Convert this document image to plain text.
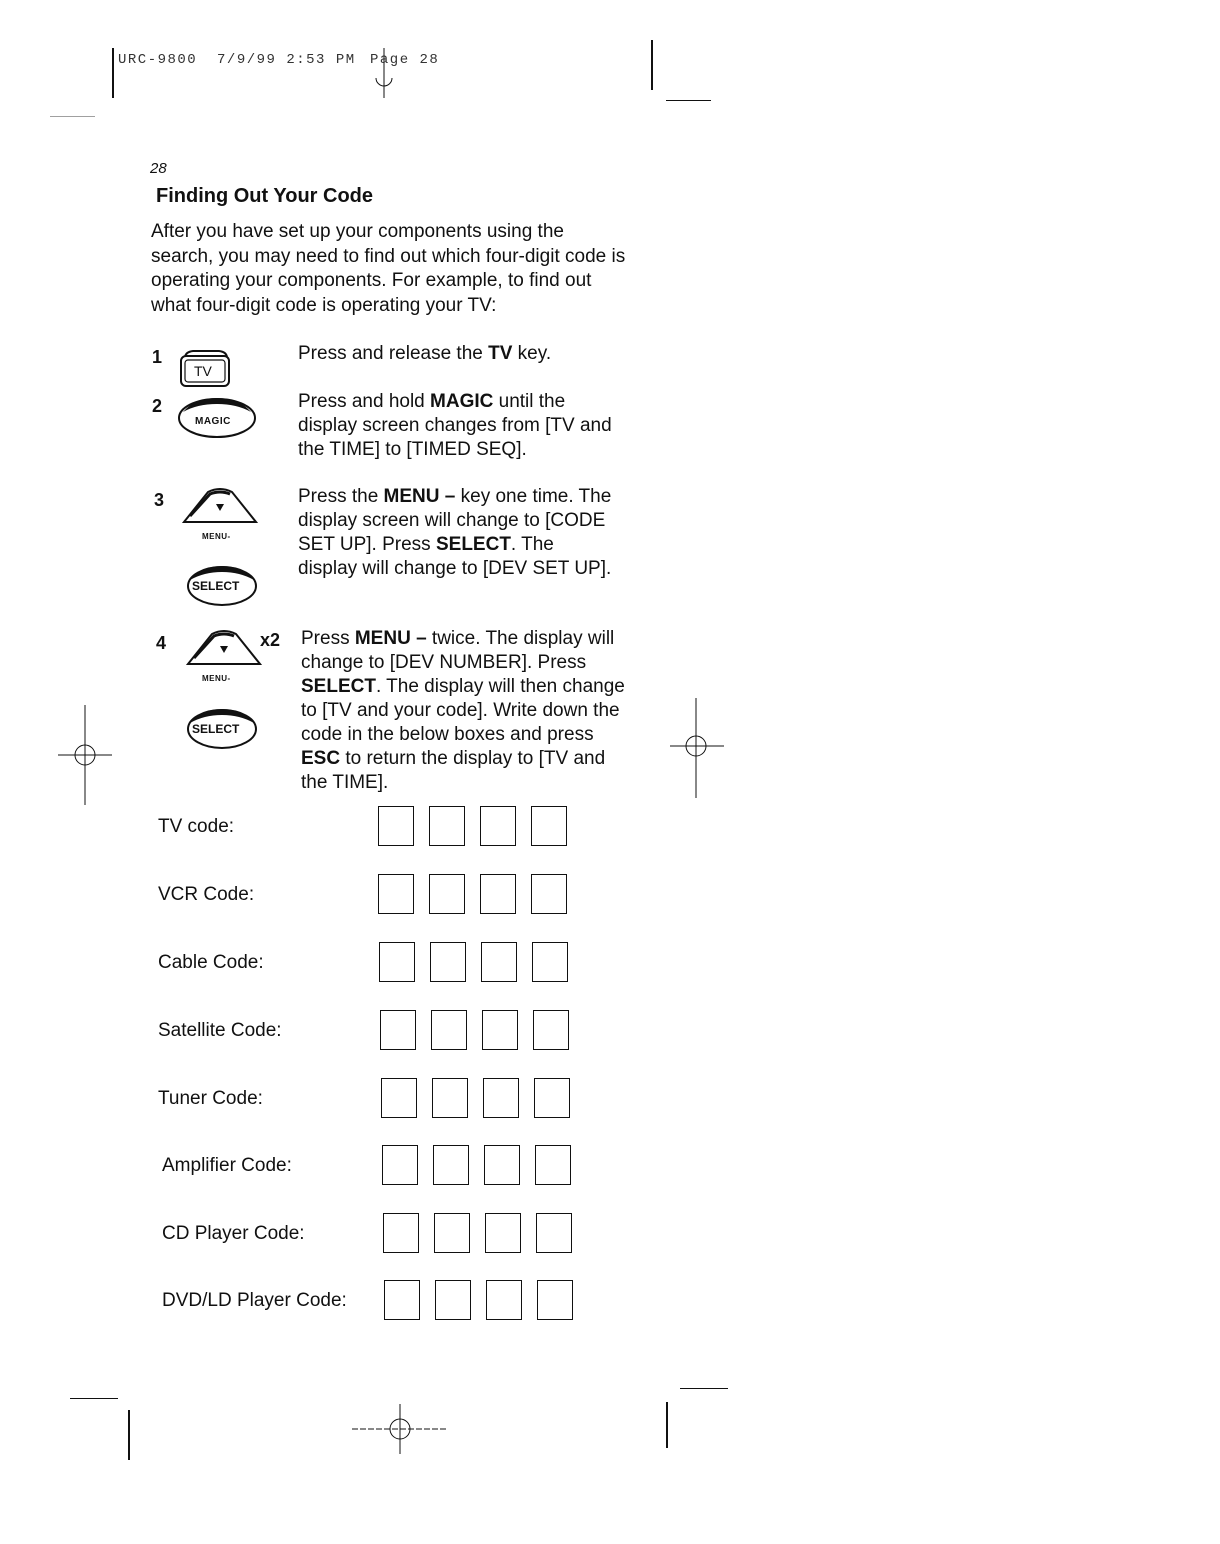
URC-9800  7/9/99 2:53 PM Page 28
28
Finding Out Your Code

After you have set up your components using the search, you may need to find out which four-digit code is operating your components. For example, to find out what four-digit code is operating your TV:

1
TV

Press and release the TV key.

2
MAGIC

Press and hold MAGIC until the display screen changes from [TV and the TIME] to [TIMED SEQ].

3
MENU-
SELECT

Press the MENU – key one time. The display screen will change to [CODE SET UP]. Press SELECT. The display will change to [DEV SET UP].

4
MENU-
x2
SELECT

Press MENU – twice. The display will change to [DEV NUMBER]. Press SELECT. The display will then change to [TV and your code]. Write down the code in the below boxes and press ESC to return the display to [TV and the TIME].

TV code:
VCR Code:
Cable Code:
Satellite Code:
Tuner Code:
Amplifier Code:
CD Player Code:
DVD/LD Player Code:
